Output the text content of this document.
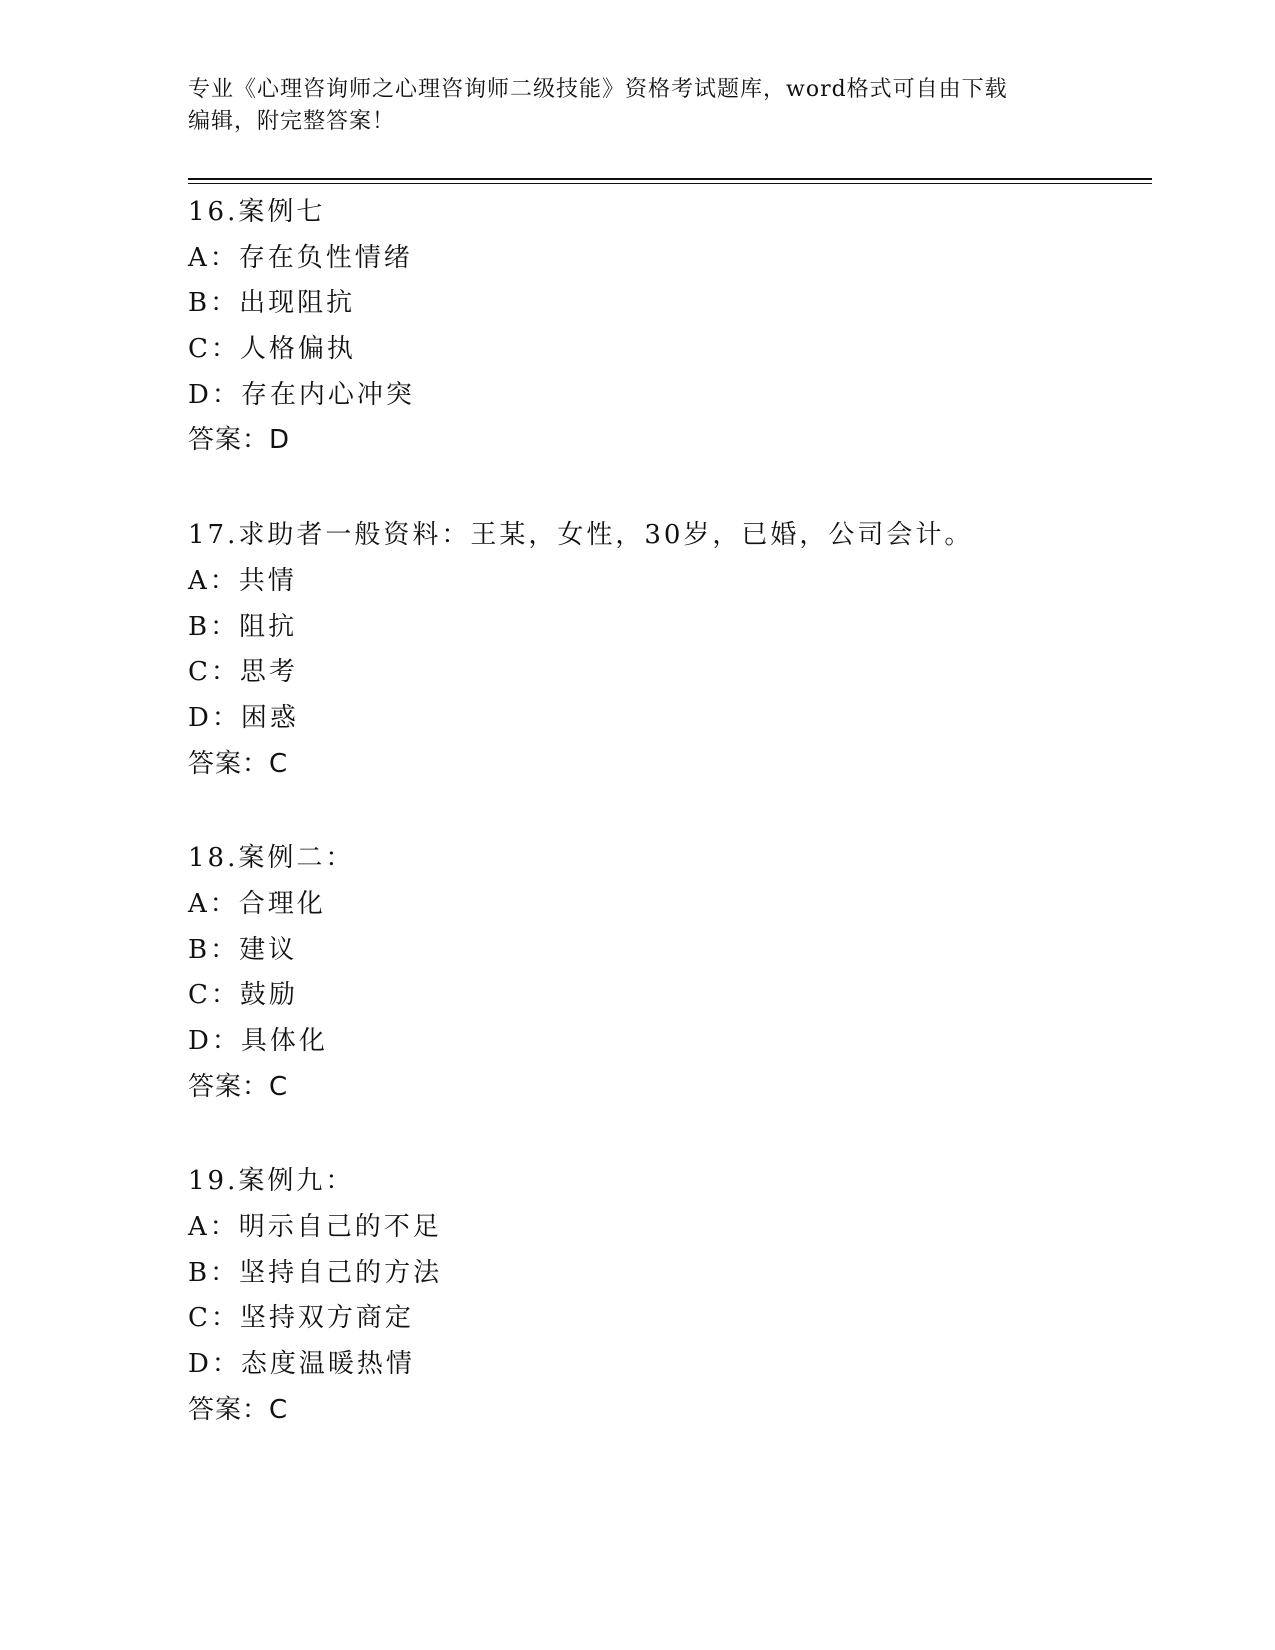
专业《心理咨询师之心理咨询师二级技能》资格考试题库，word格式可自由下载
编辑，附完整答案！
16.案例七
A：存在负性情绪
B：出现阻抗
C：人格偏执
D：存在内心冲突
答案：D
17.求助者一般资料：王某，女性，30岁，已婚，公司会计。
A：共情
B：阻抗
C：思考
D：困惑
答案：C
18.案例二：
A：合理化
B：建议
C：鼓励
D：具体化
答案：C
19.案例九：
A：明示自己的不足
B：坚持自己的方法
C：坚持双方商定
D：态度温暖热情
答案：C
